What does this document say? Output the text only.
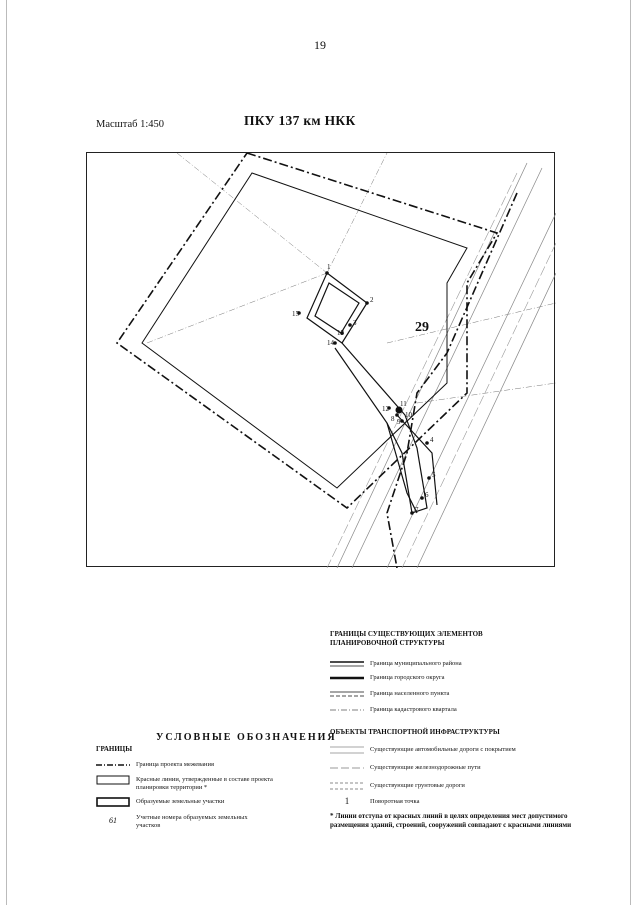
19
Масштаб 1:450	ПКУ 137 км НКК
1
2
3
4
5
6
7
8 9
10
11
12
13
14
15
29
ГРАНИЦЫ СУЩЕСТВУЮЩИХ ЭЛЕМЕНТОВ ПЛАНИРОВОЧНОЙ СТРУКТУРЫ
Граница муниципального района
Граница городского округа
Граница населенного пункта
Граница кадастрового квартала
ОБЪЕКТЫ ТРАНСПОРТНОЙ ИНФРАСТРУКТУРЫ
Существующие автомобильные дороги с покрытием
Существующие железнодорожные пути
Существующие грунтовые дороги
1	Поворотная точка
УСЛОВНЫЕ ОБОЗНАЧЕНИЯ
ГРАНИЦЫ
Граница проекта межевания
Красные линии, утвержденные в составе проекта планировки территории *
Образуемые земельные участки
61	Учетные номера образуемых земельных участков
* Линии отступа от красных линий в целях определения мест допустимого размещения зданий, строений, сооружений совпадают с красными линиями
